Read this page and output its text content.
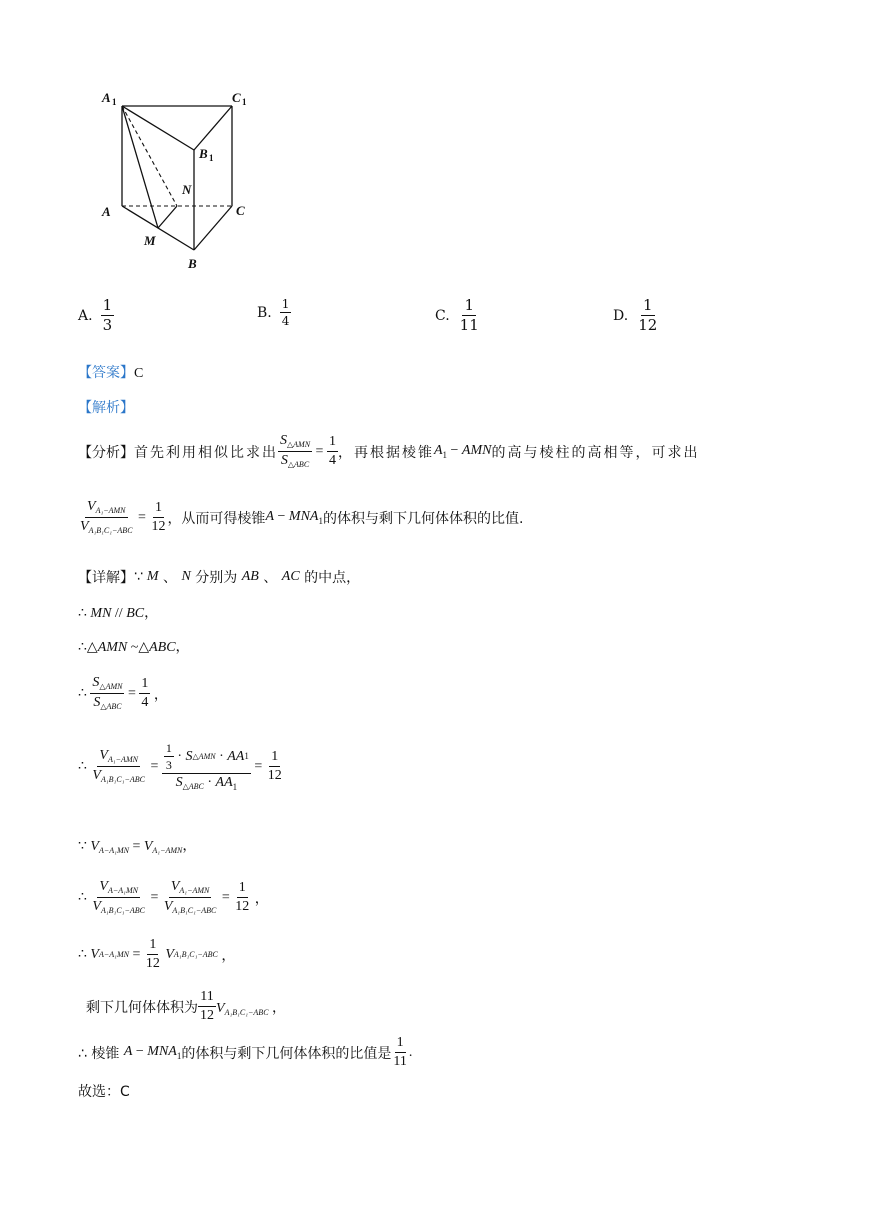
A 1	C 1
B 1
N
A	C
M
B
A. $\frac{1}{3}$	B. $\frac{1}{4}$	C. $\frac{1}{11}$	D. $\frac{1}{12}$
【答案】C
【解析】
【分析】 首先利用相似比求出 $\frac{S_{\triangle AMN}}{S_{\triangle ABC}} = \frac{1}{4}$ ，再根据棱锥 $A_1$ − AMN 的高与棱柱的高相等，可求出
$\frac{V_{A_1-AMN}}{V_{A_1B_1C_1-ABC}} = \frac{1}{12}$ ，从而可得棱锥 $A - MNA_1$ 的体积与剩下几何体体积的比值.
【详解】 ∵ M
、
N
分别为
AB
、
AC
的中点，
∴ MN // BC，
∴△AMN ~△ABC，
∴ $\frac{S_{\triangle AMN}}{S_{\triangle ABC}} = \frac{1}{4}$ ，
∴ $\frac{V_{A_1-AMN}}{V_{A_1B_1C_1-ABC}} = \frac{\frac{1}{3} \cdot S \triangle AMN \cdot AA 1}{S_{\triangle ABC} \cdot AA_1} = \frac{1}{12}$
∵ $V_{A-A_1MN} = V_{A_1-AMN}$，
∴ $\frac{V_{A-A_1MN}}{V_{A_1B_1C_1-ABC}} = \frac{V_{A_1-AMN}}{V_{A_1B_1C_1-ABC}} = \frac{1}{12}$ ，
∴ V $A-A_1MN = \frac{1}{12}$
V A₁B₁C₁−ABC ，
剩下几何体体积为 $\frac{11}{12} V_{A_1B_1C_1-ABC}$ ，
∴ 棱锥
$A - MNA_1$ 的体积与剩下几何体体积的比值是 $\frac{1}{11}$ .
故选：C
